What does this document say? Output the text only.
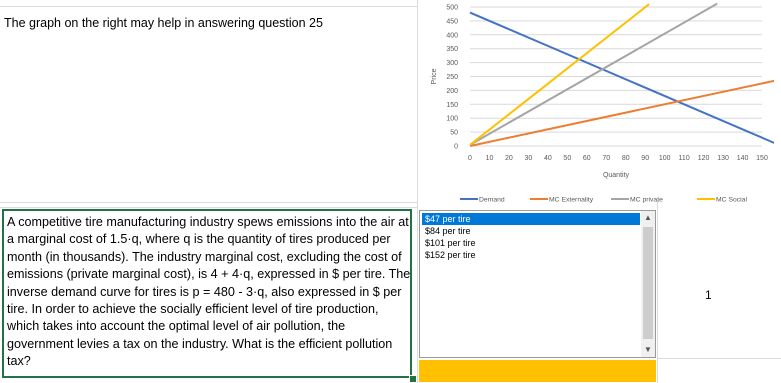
The graph on the right may help in answering question 25
0
50
100
150
200
250
300
350
400
450
500
0 10 20 30 40 50 60 70 80 90 100 110 120 130 140 150
Quantity
Price
Demand	MC Externality	MC private	MC Social
A competitive tire manufacturing industry spews emissions into the air at a marginal cost of 1.5·q, where q is the quantity of tires produced per month (in thousands). The industry marginal cost, excluding the cost of emissions (private marginal cost), is 4 + 4·q, expressed in $ per tire. The inverse demand curve for tires is p = 480 - 3·q, also expressed in $ per tire. In order to achieve the socially efficient level of tire production, which takes into account the optimal level of air pollution, the government levies a tax on the industry. What is the efficient pollution tax?
$47 per tire
$84 per tire
$101 per tire
$152 per tire
▲
▼
1
